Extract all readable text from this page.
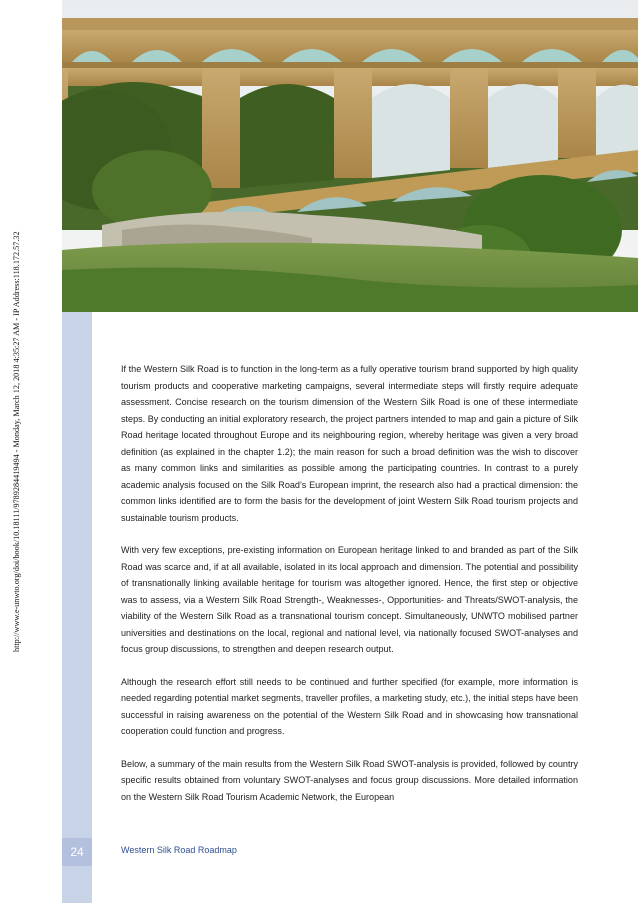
24	Western Silk Road Roadmap
http://www.e-unwto.org/doi/book/10.18111/9789284419494 - Monday, March 12, 2018 4:35:27 AM - IP Address:118.172.57.32	If the Western Silk Road is to function in the long-term as a fully operative tourism brand supported by high quality tourism products and cooperative marketing campaigns, several intermediate steps will firstly require adequate assessment. Concise research on the tourism dimension of the Western Silk Road is one of these intermediate steps. By conducting an initial exploratory research, the project partners intended to map and gain a picture of Silk Road heritage located throughout Europe and its neighbouring region, whereby heritage was given a very broad definition (as explained in the chapter 1.2); the main reason for such a broad definition was the wish to discover as many common links and similarities as possible among the participating countries. In contrast to a purely academic analysis focused on the Silk Road’s European imprint, the research also had a practical dimension: the common links identified are to form the basis for the development of joint Western Silk Road tourism projects and sustainable tourism products.

With very few exceptions, pre-existing information on European heritage linked to and branded as part of the Silk Road was scarce and, if at all available, isolated in its local approach and dimension. The potential and possibility of transnationally linking available heritage for tourism was altogether ignored. Hence, the first step or objective was to assess, via a Western Silk Road Strength-, Weaknesses-, Opportunities- and Threats/SWOT-analysis, the viability of the Western Silk Road as a transnational tourism concept. Simultaneously, UNWTO mobilised partner universities and destinations on the local, regional and national level, via nationally focused SWOT-analyses and focus group discussions, to strengthen and deepen research output.

Although the research effort still needs to be continued and further specified (for example, more information is needed regarding potential market segments, traveller profiles, a marketing study, etc.), the initial steps have been successful in raising awareness on the potential of the Western Silk Road and in showcasing how transnational cooperation could function and progress.

Below, a summary of the main results from the Western Silk Road SWOT-analysis is provided, followed by country specific results obtained from voluntary SWOT-analyses and focus group discussions. More detailed information on the Western Silk Road Tourism Academic Network, the European
